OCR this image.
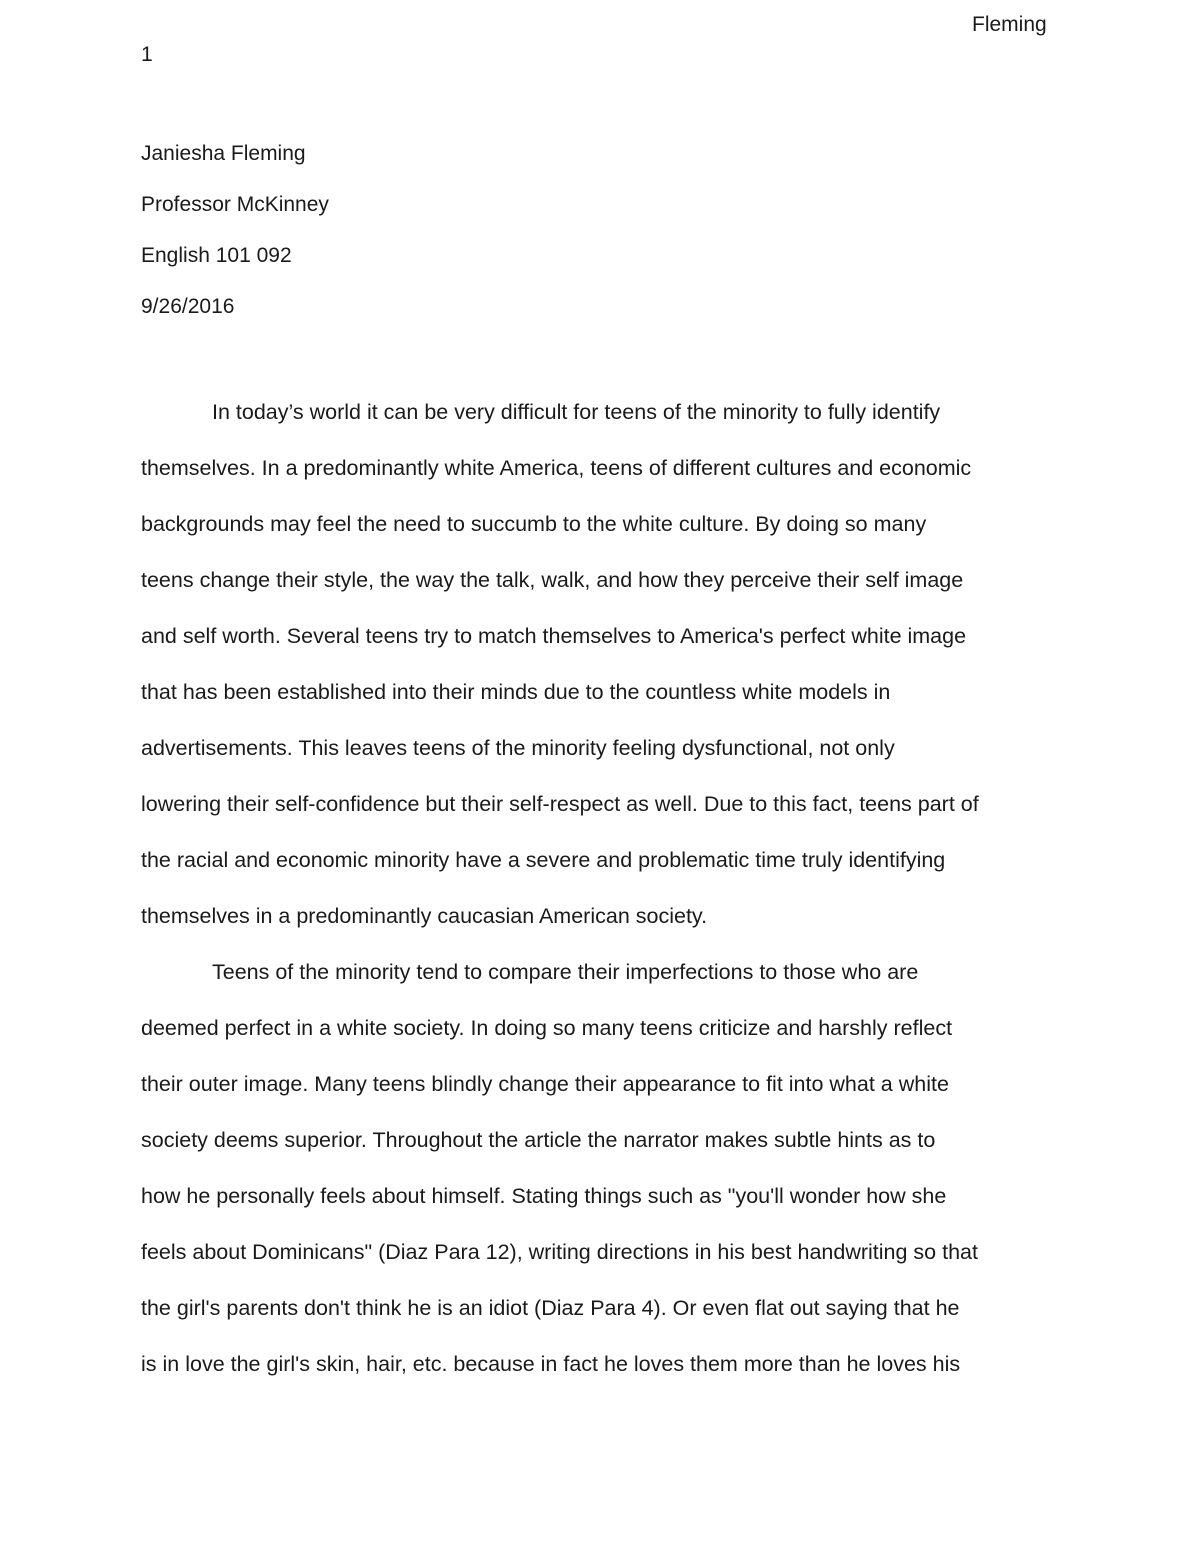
Fleming
1
Janiesha Fleming
Professor McKinney
English 101 092
9/26/2016
In today’s world it can be very difficult for teens of the minority to fully identify
themselves. In a predominantly white America, teens of different cultures and economic
backgrounds may feel the need to succumb to the white culture. By doing so many
teens change their style, the way the talk, walk, and how they perceive their self image
and self worth. Several teens try to match themselves to America's perfect white image
that has been established into their minds due to the countless white models in
advertisements. This leaves teens of the minority feeling dysfunctional, not only
lowering their self-confidence but their self-respect as well. Due to this fact, teens part of
the racial and economic minority have a severe and problematic time truly identifying
themselves in a predominantly caucasian American society.
Teens of the minority tend to compare their imperfections to those who are
deemed perfect in a white society. In doing so many teens criticize and harshly reflect
their outer image. Many teens blindly change their appearance to fit into what a white
society deems superior. Throughout the article the narrator makes subtle hints as to
how he personally feels about himself. Stating things such as "you'll wonder how she
feels about Dominicans" (Diaz Para 12), writing directions in his best handwriting so that
the girl's parents don't think he is an idiot (Diaz Para 4). Or even flat out saying that he
is in love the girl's skin, hair, etc. because in fact he loves them more than he loves his
